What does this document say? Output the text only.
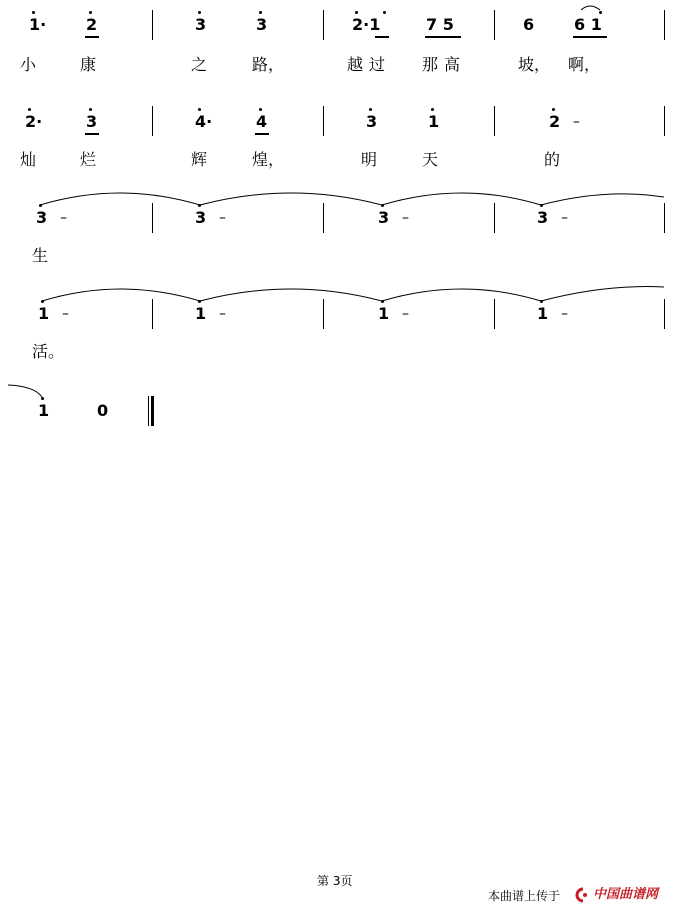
1· 2	3	3	2·1	7 5	6 6 1
小	康	之	路，	越过 那高	坡， 啊，
2·	3	4·	4	3	1	2 –
灿	烂	辉	煌，	明	天	的
3 –	3 –	3 –	3 –
生
1 –	1 –	1 –	1 –
活。
1	0
第 3页
本曲谱上传于	中国曲谱网
